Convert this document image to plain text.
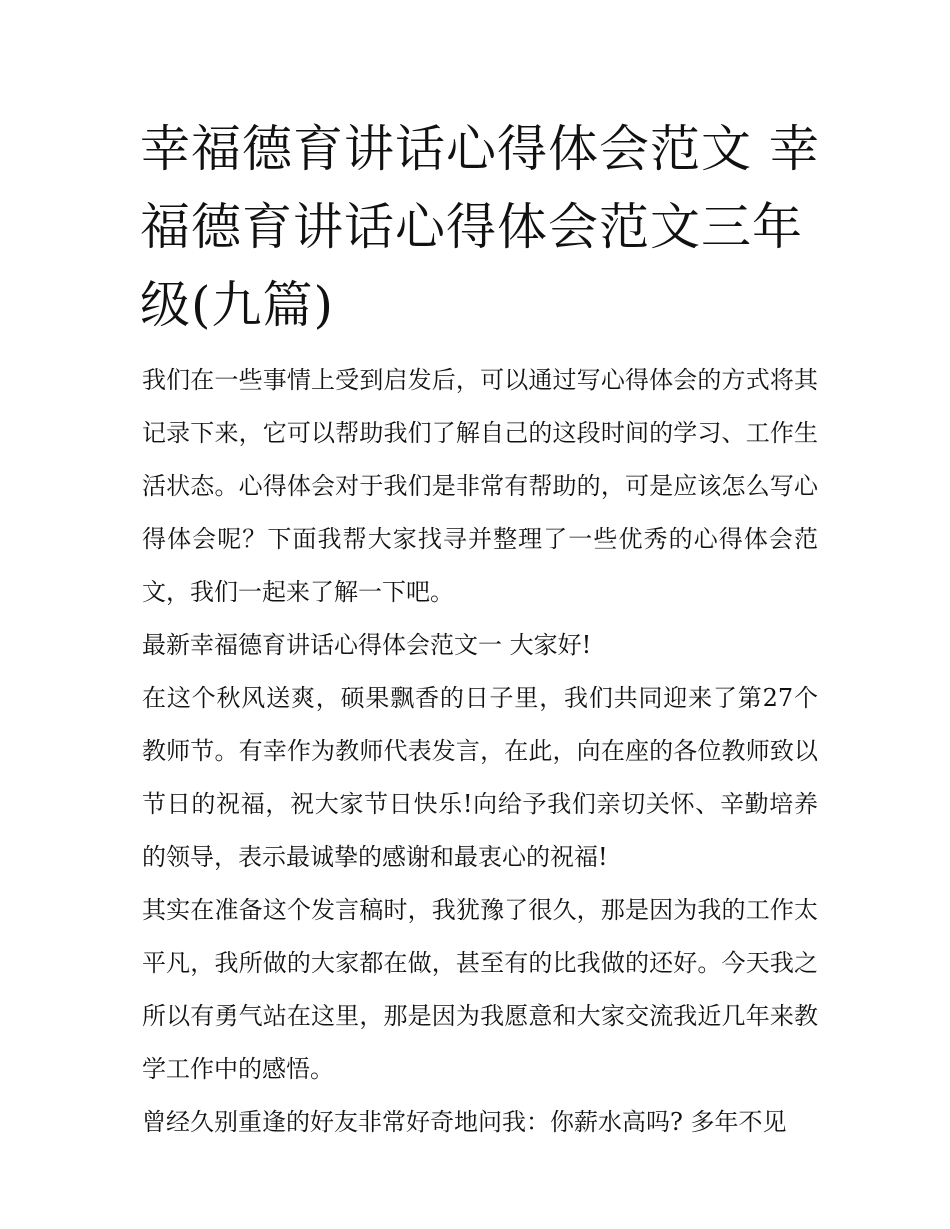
幸福德育讲话心得体会范文 幸福德育讲话心得体会范文三年级(九篇)

我们在一些事情上受到启发后，可以通过写心得体会的方式将其记录下来，它可以帮助我们了解自己的这段时间的学习、工作生活状态。心得体会对于我们是非常有帮助的，可是应该怎么写心得体会呢？下面我帮大家找寻并整理了一些优秀的心得体会范文，我们一起来了解一下吧。

最新幸福德育讲话心得体会范文一 大家好!

在这个秋风送爽，硕果飘香的日子里，我们共同迎来了第27个教师节。有幸作为教师代表发言，在此，向在座的各位教师致以节日的祝福，祝大家节日快乐!向给予我们亲切关怀、辛勤培养的领导，表示最诚挚的感谢和最衷心的祝福!

其实在准备这个发言稿时，我犹豫了很久，那是因为我的工作太平凡，我所做的大家都在做，甚至有的比我做的还好。今天我之所以有勇气站在这里，那是因为我愿意和大家交流我近几年来教学工作中的感悟。

曾经久别重逢的好友非常好奇地问我：你薪水高吗? 多年不见
